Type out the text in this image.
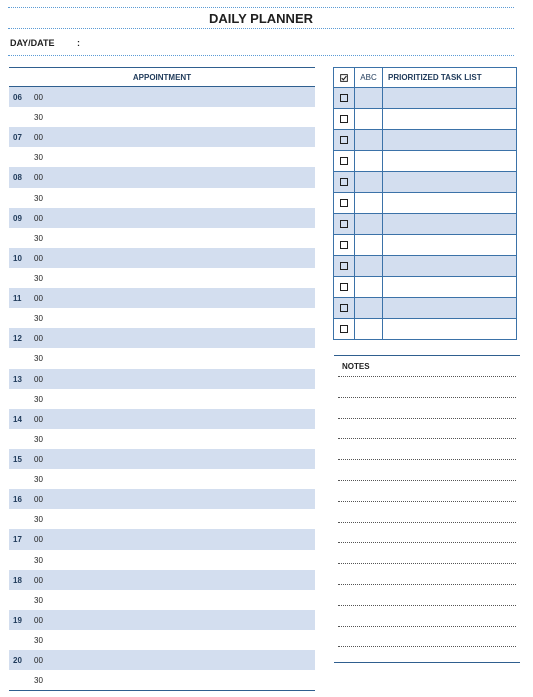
DAILY PLANNER
DAY/DATE :
APPOINTMENT
06 00
30
07 00
30
08 00
30
09 00
30
10 00
30
11 00
30
12 00
30
13 00
30
14 00
30
15 00
30
16 00
30
17 00
30
18 00
30
19 00
30
20 00
30
	ABC	PRIORITIZED TASK LIST

NOTES
